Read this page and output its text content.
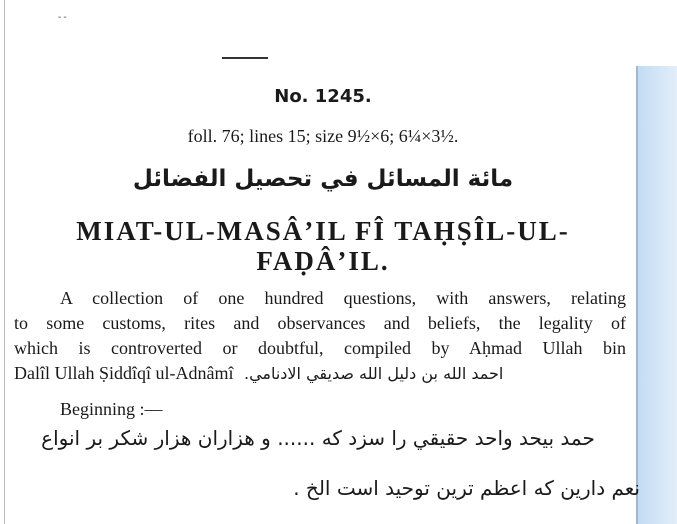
--
No. 1245.
foll. 76; lines 15; size 9½×6; 6¼×3½.
مائة المسائل في تحصيل الفضائل
MIAT-UL-MASÂ’IL FÎ TAḤṢÎL-UL-
FAḌÂ’IL.
A collection of one hundred questions, with answers, relating
to some customs, rites and observances and beliefs, the legality of
which is controverted or doubtful, compiled by Aḥmad Ullah bin
Dalîl Ullah Ṣiddîqî ul-Adnâmî احمد الله بن دليل الله صديقي الادنامي.
Beginning :—
حمد بيحد واحد حقيقي را سزد كه ...... و هزاران هزار شكر بر انواع
نعم دارين كه اعظم ترين توحيد است الخ .
